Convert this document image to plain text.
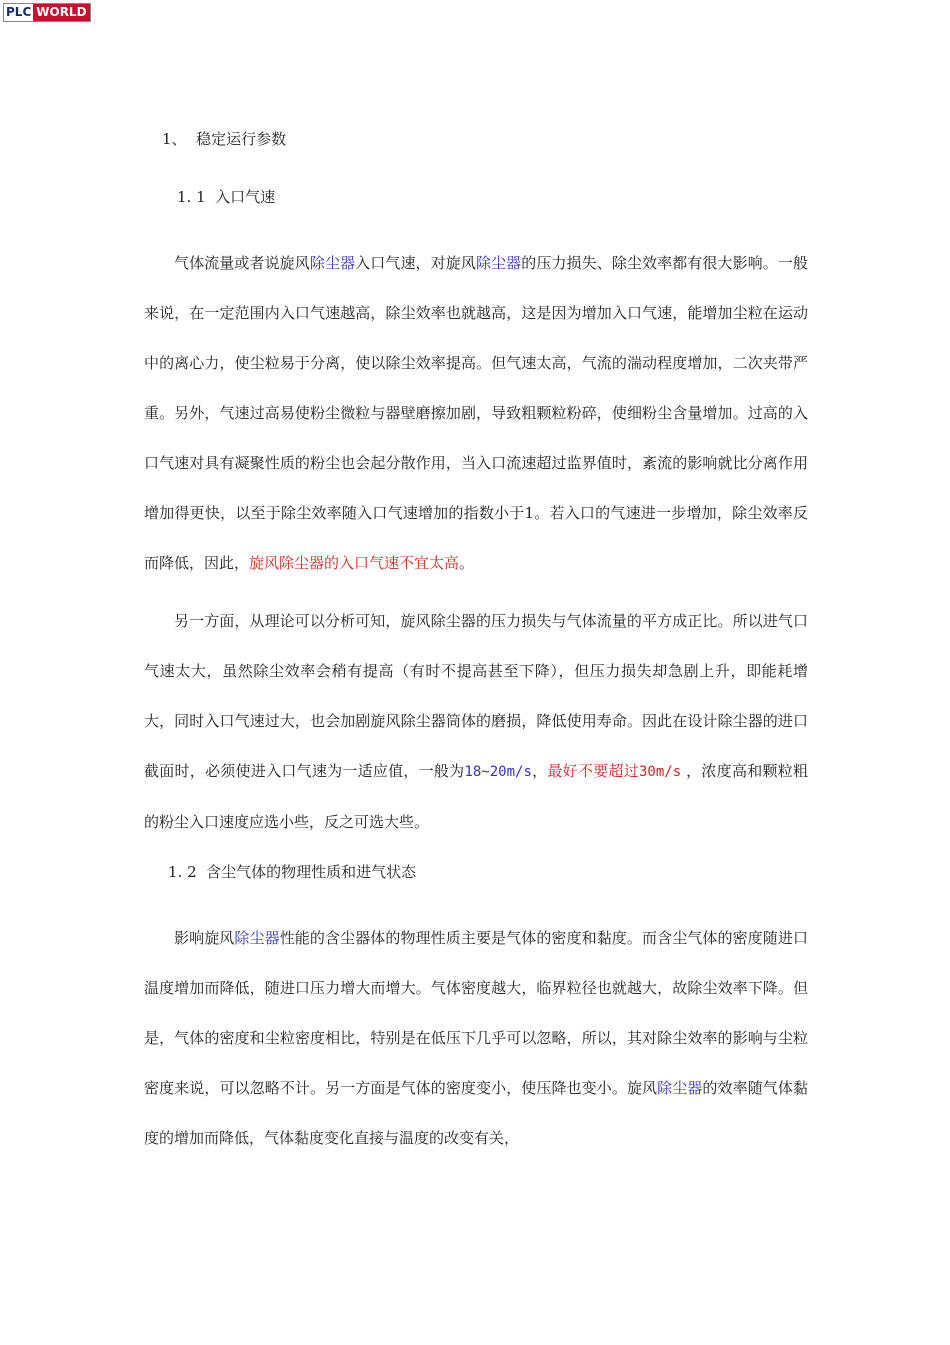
PLC WORLD
1、  稳定运行参数
1. 1  入口气速

气体流量或者说旋风除尘器入口气速，对旋风除尘器的压力损失、除尘效率都有很大影响。一般来说，在一定范围内入口气速越高，除尘效率也就越高，这是因为增加入口气速，能增加尘粒在运动中的离心力，使尘粒易于分离，使以除尘效率提高。但气速太高，气流的湍动程度增加，二次夹带严重。另外，气速过高易使粉尘微粒与器壁磨擦加剧，导致粗颗粒粉碎，使细粉尘含量增加。过高的入口气速对具有凝聚性质的粉尘也会起分散作用，当入口流速超过监界值时，紊流的影响就比分离作用增加得更快，以至于除尘效率随入口气速增加的指数小于1。若入口的气速进一步增加，除尘效率反而降低，因此，旋风除尘器的入口气速不宜太高。

另一方面，从理论可以分析可知，旋风除尘器的压力损失与气体流量的平方成正比。所以进气口气速太大，虽然除尘效率会稍有提高（有时不提高甚至下降），但压力损失却急剧上升，即能耗增大，同时入口气速过大，也会加剧旋风除尘器筒体的磨损，降低使用寿命。因此在设计除尘器的进口截面时，必须使进入口气速为一适应值，一般为18~20m/s，最好不要超过30m/s ，浓度高和颗粒粗的粉尘入口速度应选小些，反之可选大些。

1. 2  含尘气体的物理性质和进气状态

影响旋风除尘器性能的含尘器体的物理性质主要是气体的密度和黏度。而含尘气体的密度随进口温度增加而降低，随进口压力增大而增大。气体密度越大，临界粒径也就越大，故除尘效率下降。但是，气体的密度和尘粒密度相比，特别是在低压下几乎可以忽略，所以，其对除尘效率的影响与尘粒密度来说，可以忽略不计。另一方面是气体的密度变小，使压降也变小。旋风除尘器的效率随气体黏度的增加而降低，气体黏度变化直接与温度的改变有关，
